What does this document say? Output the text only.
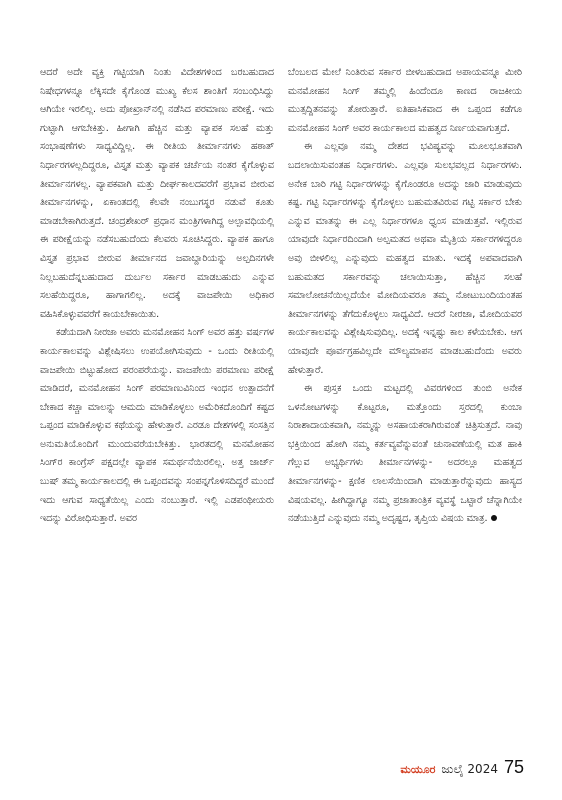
ಆದರೆ ಅದೇ ವ್ಯಕ್ತಿ ಗಟ್ಟಿಯಾಗಿ ನಿಂತು ವಿದೇಶಗಳಿಂದ ಬರಬಹುದಾದ ನಿಷೇಧಗಳನ್ನೂ ಲೆಕ್ಕಿಸದೇ ಕೈಗೊಂಡ ಮುಖ್ಯ ಕೆಲಸ ಶಾಂತಿಗೆ ಸಂಬಂಧಿಸಿದ್ದು ಆಗಿಯೇ ಇರಲಿಲ್ಲ. ಅದು ಪೋಖ್ರಾನ್‌ನಲ್ಲಿ ನಡೆಸಿದ ಪರಮಾಣು ಪರೀಕ್ಷೆ. ಇದು ಗುಟ್ಟಾಗಿ ಆಗಬೇಕಿತ್ತು. ಹೀಗಾಗಿ ಹೆಚ್ಚಿನ ಮತ್ತು ವ್ಯಾಪಕ ಸಲಹೆ ಮತ್ತು ಸಂಭಾಷಣೆಗಳು ಸಾಧ್ಯವಿದ್ದಿಲ್ಲ. ಈ ರೀತಿಯ ತೀರ್ಮಾನಗಳು ಹಠಾತ್ ನಿರ್ಧಾರಗಳಲ್ಲದಿದ್ದರೂ, ವಿಸ್ತೃತ ಮತ್ತು ವ್ಯಾಪಕ ಚರ್ಚೆಯ ನಂತರ ಕೈಗೊಳ್ಳುವ ತೀರ್ಮಾನಗಳಲ್ಲ. ವ್ಯಾಪಕವಾಗಿ ಮತ್ತು ದೀರ್ಘಕಾಲದವರೆಗೆ ಪ್ರಭಾವ ಬೀರುವ ತೀರ್ಮಾನಗಳನ್ನು, ಏಕಾಂತದಲ್ಲಿ ಕೆಲವೇ ನಂಬುಗಸ್ಥರ ನಡುವೆ ಕೂತು ಮಾಡಬೇಕಾಗಿರುತ್ತದೆ. ಚಂದ್ರಶೇಖರ್ ಪ್ರಧಾನ ಮಂತ್ರಿಗಳಾಗಿದ್ದ ಅಲ್ಪಾವಧಿಯಲ್ಲಿ ಈ ಪರೀಕ್ಷೆಯನ್ನು ನಡೆಸಬಹುದೆಂದು ಕೆಲವರು ಸೂಚಿಸಿದ್ದರು. ವ್ಯಾಪಕ ಹಾಗೂ ವಿಸ್ತೃತ ಪ್ರಭಾವ ಬೀರುವ ತೀರ್ಮಾನದ ಜವಾಬ್ದಾರಿಯನ್ನು ಅಲ್ಪದಿನಗಳೇ ನಿಲ್ಲಬಹುದೆನ್ನಬಹುದಾದ ದುರ್ಬಲ ಸರ್ಕಾರ ಮಾಡಬಹುದು ಎನ್ನುವ ಸಲಹೆಯಿದ್ದರೂ, ಹಾಗಾಗಲಿಲ್ಲ. ಅದಕ್ಕೆ ವಾಜಪೇಯಿ ಅಧಿಕಾರ ವಹಿಸಿಕೊಳ್ಳುವವರೆಗೆ ಕಾಯಬೇಕಾಯಿತು.

ಕಡೆಯದಾಗಿ ನೀರಜಾ ಅವರು ಮನಮೋಹನ ಸಿಂಗ್ ಅವರ ಹತ್ತು ವರ್ಷಗಳ ಕಾರ್ಯಕಾಲವನ್ನು ವಿಶ್ಲೇಷಿಸಲು ಉಪಯೋಗಿಸುವುದು - ಒಂದು ರೀತಿಯಲ್ಲಿ ವಾಜಪೇಯಿ ಬಿಟ್ಟುಹೋದ ಪರಂಪರೆಯನ್ನು. ವಾಜಪೇಯಿ ಪರಮಾಣು ಪರೀಕ್ಷೆ ಮಾಡಿದರೆ, ಮನಮೋಹನ ಸಿಂಗ್ ಪರಮಾಣುವಿನಿಂದ ಇಂಧನ ಉತ್ಪಾದನೆಗೆ ಬೇಕಾದ ಕಚ್ಚಾ ಮಾಲನ್ನು ಆಮದು ಮಾಡಿಕೊಳ್ಳಲು ಅಮೆರಿಕದೊಂದಿಗೆ ಕಷ್ಟದ ಒಪ್ಪಂದ ಮಾಡಿಕೊಳ್ಳುವ ಕಥೆಯನ್ನು ಹೇಳುತ್ತಾರೆ. ಎರಡೂ ದೇಶಗಳಲ್ಲಿ ಸಂಸತ್ತಿನ ಅನುಮತಿಯೊಂದಿಗೆ ಮುಂದುವರೆಯಬೇಕಿತ್ತು. ಭಾರತದಲ್ಲಿ ಮನಮೋಹನ ಸಿಂಗ್‌ರ ಕಾಂಗ್ರೆಸ್ ಪಕ್ಷದಲ್ಲೇ ವ್ಯಾಪಕ ಸಮರ್ಥನೆಯಿರಲಿಲ್ಲ. ಅತ್ತ ಜಾರ್ಜ್ ಬುಷ್ ತಮ್ಮ ಕಾರ್ಯಕಾಲದಲ್ಲಿ ಈ ಒಪ್ಪಂದವನ್ನು ಸಂಪನ್ನಗೊಳಿಸದಿದ್ದರೆ ಮುಂದೆ ಇದು ಆಗುವ ಸಾಧ್ಯತೆಯಿಲ್ಲ ಎಂದು ನಂಬುತ್ತಾರೆ. ಇಲ್ಲಿ ಎಡಪಂಥೀಯರು ಇದನ್ನು ವಿರೋಧಿಸುತ್ತಾರೆ. ಅವರ

ಬೆಂಬಲದ ಮೇಲೆ ನಿಂತಿರುವ ಸರ್ಕಾರ ಬೀಳಬಹುದಾದ ಅಪಾಯವನ್ನೂ ಮೀರಿ ಮನಮೋಹನ ಸಿಂಗ್ ತಮ್ಮಲ್ಲಿ ಹಿಂದೆಂದೂ ಕಾಣದ ರಾಜಕೀಯ ಮುತ್ಸದ್ದಿತನವನ್ನು ತೋರುತ್ತಾರೆ. ಐತಿಹಾಸಿಕವಾದ ಈ ಒಪ್ಪಂದ ಕಡೆಗೂ ಮನಮೋಹನ ಸಿಂಗ್ ಅವರ ಕಾರ್ಯಕಾಲದ ಮಹತ್ವದ ನಿರ್ಣಯವಾಗುತ್ತದೆ.

ಈ ಎಲ್ಲವೂ ನಮ್ಮ ದೇಶದ ಭವಿಷ್ಯವನ್ನು ಮೂಲಭೂತವಾಗಿ ಬದಲಾಯಿಸುವಂತಹ ನಿರ್ಧಾರಗಳು. ಎಲ್ಲವೂ ಸುಲಭವಲ್ಲದ ನಿರ್ಧಾರಗಳು. ಅನೇಕ ಬಾರಿ ಗಟ್ಟಿ ನಿರ್ಧಾರಗಳನ್ನು ಕೈಗೊಂಡರೂ ಅದನ್ನು ಜಾರಿ ಮಾಡುವುದು ಕಷ್ಟ. ಗಟ್ಟಿ ನಿರ್ಧಾರಗಳನ್ನು ಕೈಗೊಳ್ಳಲು ಬಹುಮತವಿರುವ ಗಟ್ಟಿ ಸರ್ಕಾರ ಬೇಕು ಎನ್ನುವ ಮಾತನ್ನು ಈ ಎಲ್ಲ ನಿರ್ಧಾರಗಳೂ ಧ್ವಂಸ ಮಾಡುತ್ತವೆ. ಇಲ್ಲಿರುವ ಯಾವುದೇ ನಿರ್ಧಾರದಿಂದಾಗಿ ಅಲ್ಪಮತದ ಅಥವಾ ಮೈತ್ರಿಯ ಸರ್ಕಾರಗಳಿದ್ದರೂ ಅವು ಬೀಳಲಿಲ್ಲ ಎನ್ನುವುದು ಮಹತ್ವದ ಮಾತು. ಇದಕ್ಕೆ ಅಪವಾದವಾಗಿ ಬಹುಮತದ ಸರ್ಕಾರವನ್ನು ಚಲಾಯಿಸುತ್ತಾ, ಹೆಚ್ಚಿನ ಸಲಹೆ ಸಮಾಲೋಚನೆಯಿಲ್ಲದೆಯೇ ಮೋದಿಯವರೂ ತಮ್ಮ ನೋಟುಬಂದಿಯಂತಹ ತೀರ್ಮಾನಗಳನ್ನು ತೆಗೆದುಕೊಳ್ಳಲು ಸಾಧ್ಯವಿದೆ. ಆದರೆ ನೀರಜಾ, ಮೋದಿಯವರ ಕಾರ್ಯಕಾಲವನ್ನು ವಿಶ್ಲೇಷಿಸುವುದಿಲ್ಲ. ಅದಕ್ಕೆ ಇನ್ನಷ್ಟು ಕಾಲ ಕಳೆಯಬೇಕು. ಆಗ ಯಾವುದೇ ಪೂರ್ವಗ್ರಹವಿಲ್ಲದೇ ಮೌಲ್ಯಮಾಪನ ಮಾಡಬಹುದೆಂದು ಅವರು ಹೇಳುತ್ತಾರೆ.

ಈ ಪುಸ್ತಕ ಒಂದು ಮಟ್ಟದಲ್ಲಿ ವಿವರಗಳಿಂದ ತುಂಬಿ ಅನೇಕ ಒಳನೋಟಗಳನ್ನು ಕೊಟ್ಟರೂ, ಮತ್ತೊಂದು ಸ್ತರದಲ್ಲಿ ಕುಂಬಾ ನಿರಾಶಾದಾಯಕವಾಗಿ, ನಮ್ಮನ್ನು ಅಸಹಾಯಕರಾಗಿರುವಂತೆ ಚಿತ್ರಿಸುತ್ತದೆ. ನಾವು ಭಕ್ತಿಯಿಂದ ಹೋಗಿ ನಮ್ಮ ಕರ್ತವ್ಯವೆನ್ನುವಂತೆ ಚುನಾವಣೆಯಲ್ಲಿ ಮತ ಹಾಕಿ ಗೆಲ್ಲುವ ಅಭ್ಯರ್ಥಿಗಳು ತೀರ್ಮಾನಗಳನ್ನು- ಅದರಲ್ಲೂ ಮಹತ್ವದ ತೀರ್ಮಾನಗಳನ್ನು- ಕ್ಷಣಿಕ ಲಾಲಸೆಯಿಂದಾಗಿ ಮಾಡುತ್ತಾರೆನ್ನುವುದು ಹಾಸ್ಯದ ವಿಷಯವಲ್ಲ. ಹೀಗಿದ್ದಾಗ್ಯೂ ನಮ್ಮ ಪ್ರಜಾತಾಂತ್ರಿಕ ವ್ಯವಸ್ಥೆ ಒಟ್ಟಾರೆ ಚೆನ್ನಾಗಿಯೇ ನಡೆಯುತ್ತಿದೆ ಎನ್ನುವುದು ನಮ್ಮ ಅದೃಷ್ಟದ, ತೃಪ್ತಿಯ ವಿಷಯ ಮಾತ್ರ.

ಮಯೂರ ಜುಲೈ 2024 75
